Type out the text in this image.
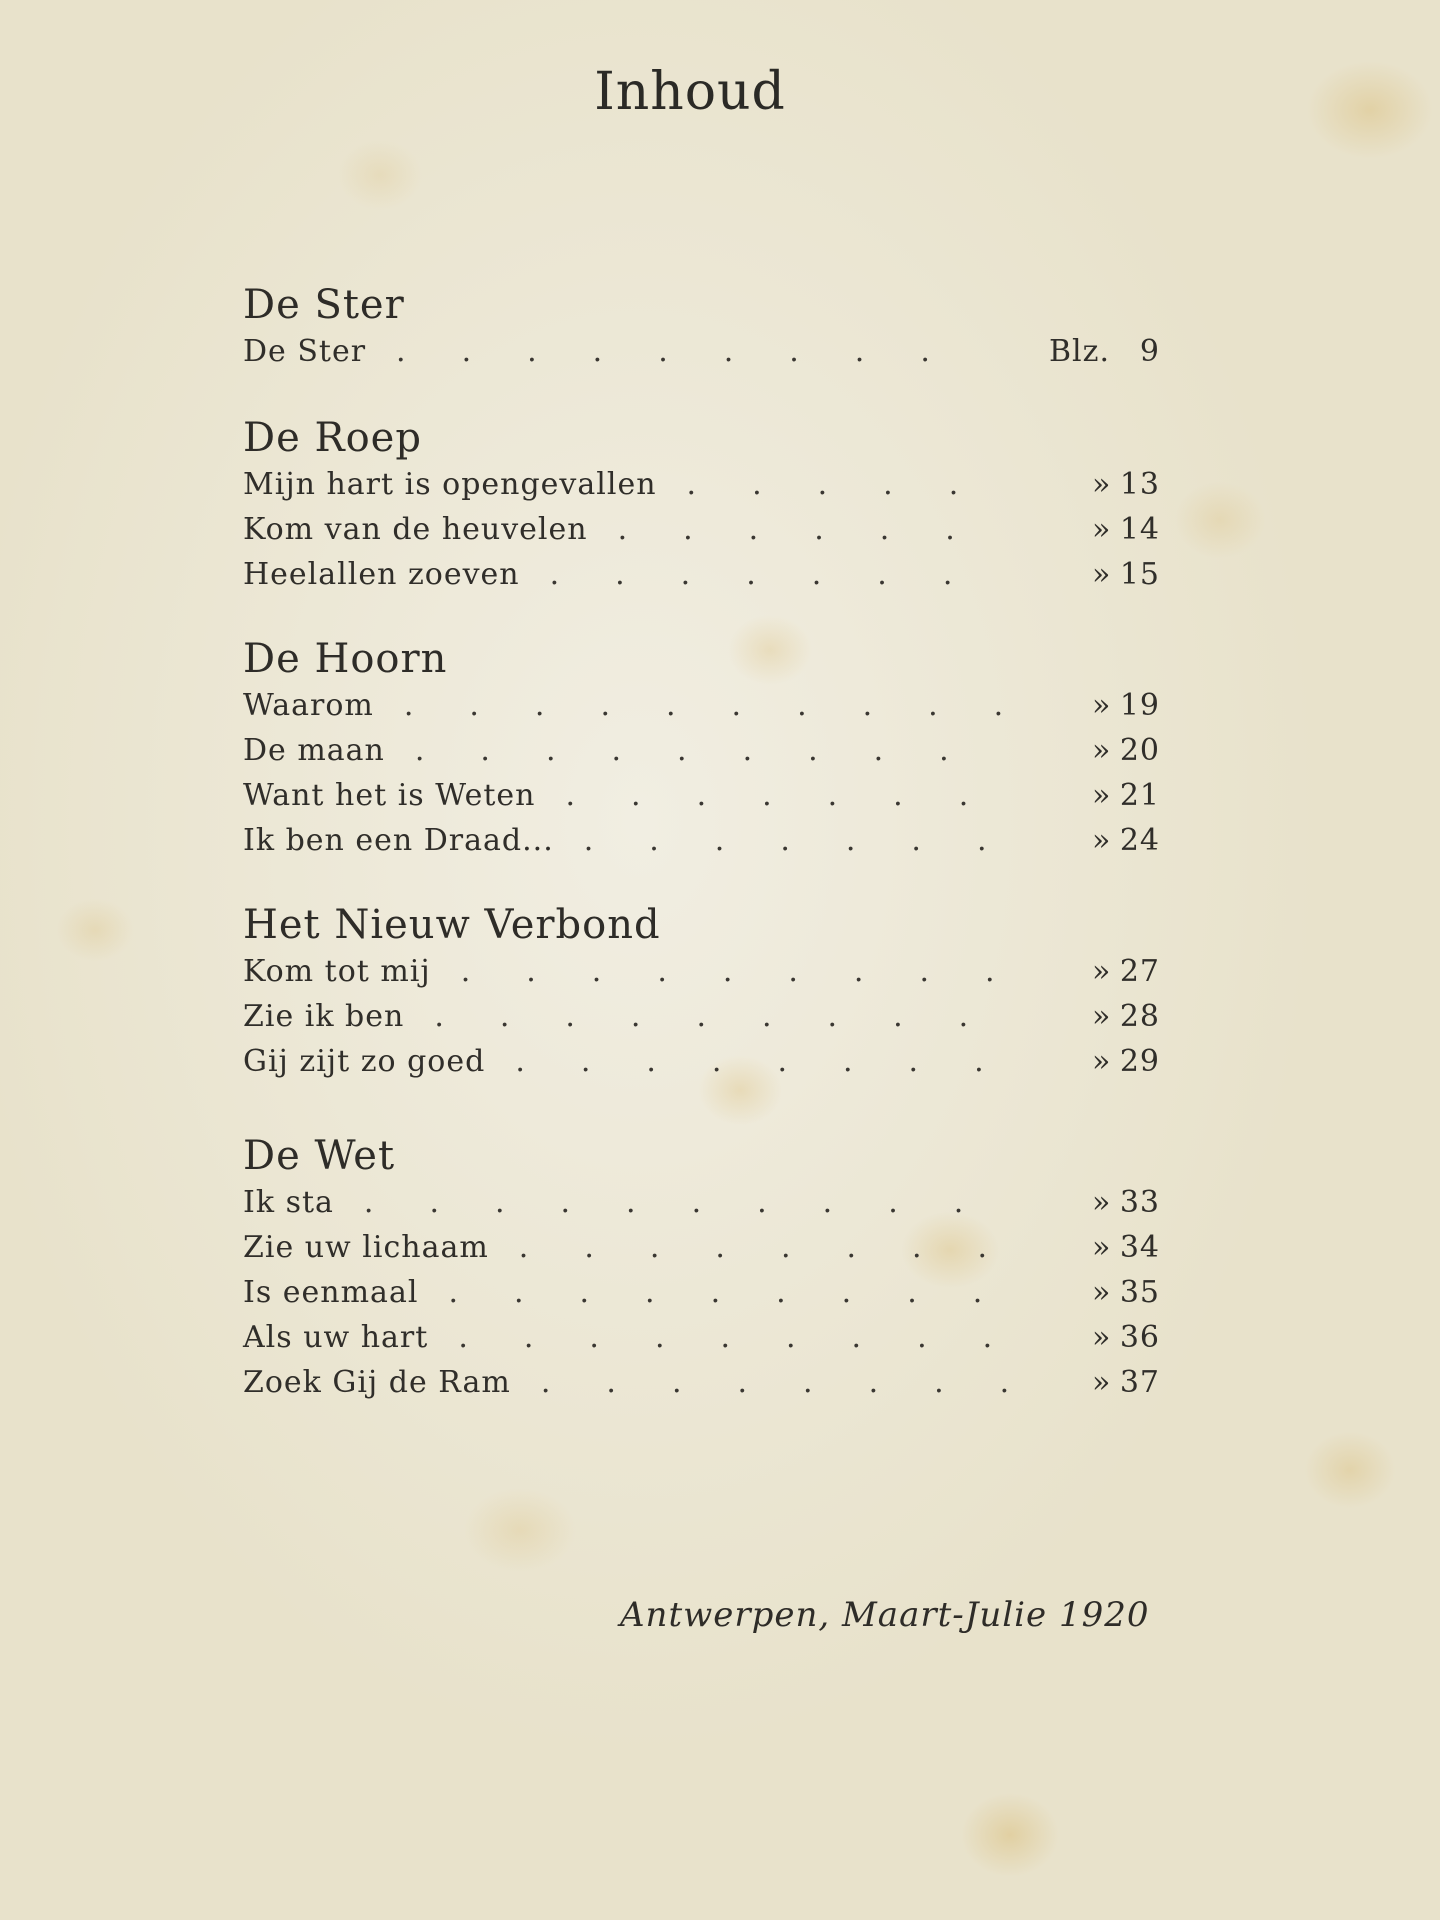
Inhoud
De Ster
De Ster .........	Blz. 9
De Roep
Mijn hart is opengevallen .....	» 13
Kom van de heuvelen ......	» 14
Heelallen zoeven .......	» 15
De Hoorn
Waarom ..........	» 19
De maan .........	» 20
Want het is Weten .......	» 21
Ik ben een Draad... .......	» 24
Het Nieuw Verbond
Kom tot mij .........	» 27
Zie ik ben .........	» 28
Gij zijt zo goed ........	» 29
De Wet
Ik sta ..........	» 33
Zie uw lichaam ........	» 34
Is eenmaal .........	» 35
Als uw hart .........	» 36
Zoek Gij de Ram ........ » 37
Antwerpen, Maart-Julie 1920
